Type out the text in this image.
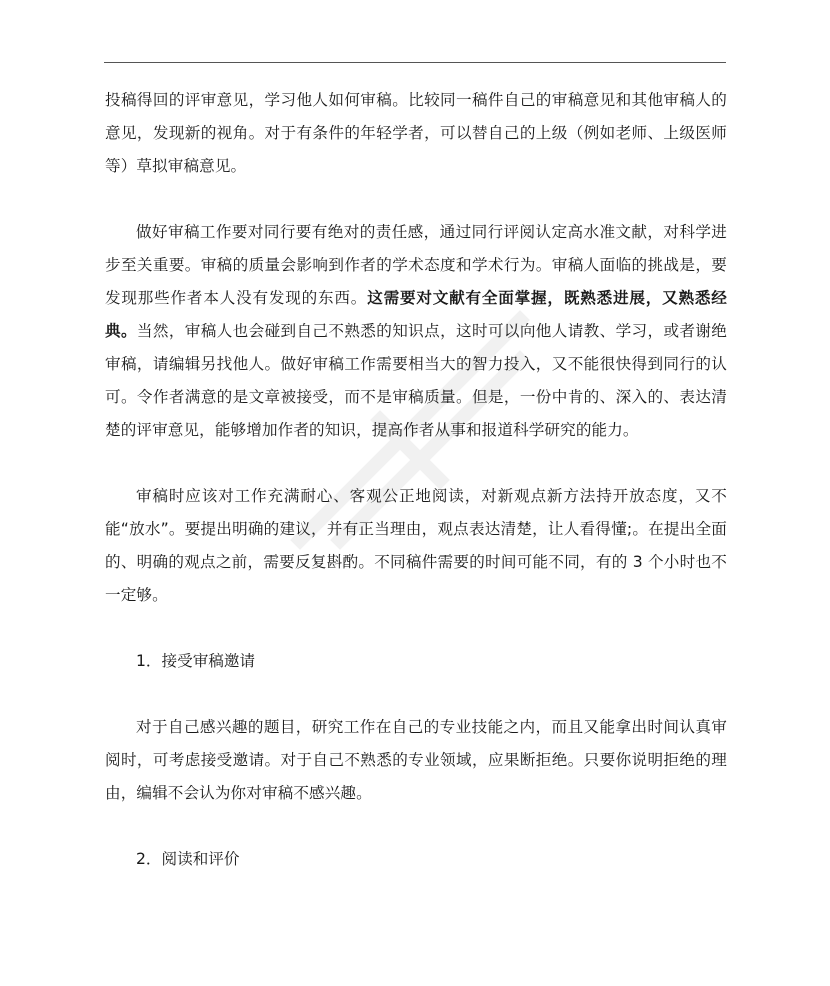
投稿得回的评审意见，学习他人如何审稿。比较同一稿件自己的审稿意见和其他审稿人的意见，发现新的视角。对于有条件的年轻学者，可以替自己的上级（例如老师、上级医师等）草拟审稿意见。

做好审稿工作要对同行要有绝对的责任感，通过同行评阅认定高水准文献，对科学进步至关重要。审稿的质量会影响到作者的学术态度和学术行为。审稿人面临的挑战是，要发现那些作者本人没有发现的东西。这需要对文献有全面掌握，既熟悉进展，又熟悉经典。当然，审稿人也会碰到自己不熟悉的知识点，这时可以向他人请教、学习，或者谢绝审稿，请编辑另找他人。做好审稿工作需要相当大的智力投入，又不能很快得到同行的认可。令作者满意的是文章被接受，而不是审稿质量。但是，一份中肯的、深入的、表达清楚的评审意见，能够增加作者的知识，提高作者从事和报道科学研究的能力。

审稿时应该对工作充满耐心、客观公正地阅读，对新观点新方法持开放态度，又不能“放水”。要提出明确的建议，并有正当理由，观点表达清楚，让人看得懂;。在提出全面的、明确的观点之前，需要反复斟酌。不同稿件需要的时间可能不同，有的 3 个小时也不一定够。

1．接受审稿邀请

对于自己感兴趣的题目，研究工作在自己的专业技能之内，而且又能拿出时间认真审阅时，可考虑接受邀请。对于自己不熟悉的专业领域，应果断拒绝。只要你说明拒绝的理由，编辑不会认为你对审稿不感兴趣。

2．阅读和评价
